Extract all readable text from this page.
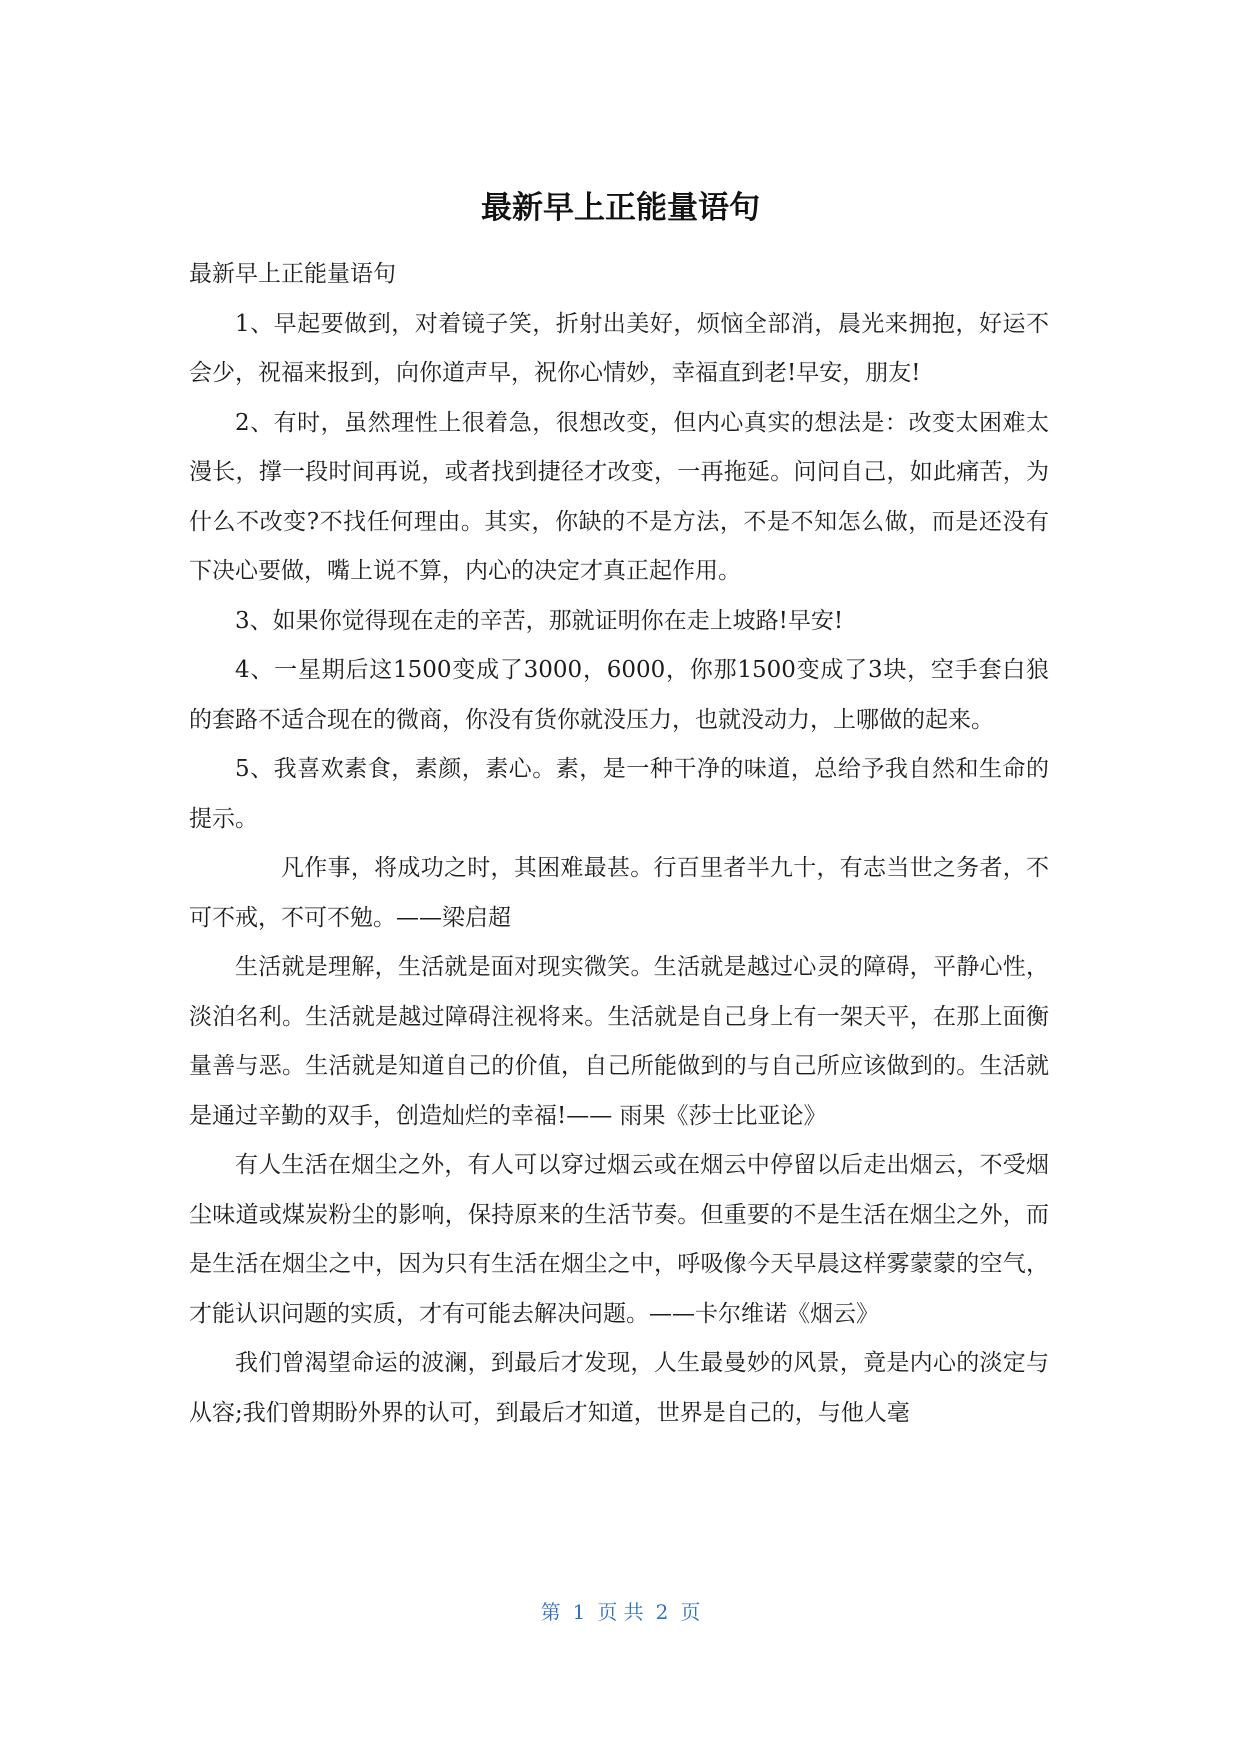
最新早上正能量语句

最新早上正能量语句

1、早起要做到，对着镜子笑，折射出美好，烦恼全部消，晨光来拥抱，好运不会少，祝福来报到，向你道声早，祝你心情妙，幸福直到老!早安，朋友!

2、有时，虽然理性上很着急，很想改变，但内心真实的想法是：改变太困难太漫长，撑一段时间再说，或者找到捷径才改变，一再拖延。问问自己，如此痛苦，为什么不改变?不找任何理由。其实，你缺的不是方法，不是不知怎么做，而是还没有下决心要做，嘴上说不算，内心的决定才真正起作用。

3、如果你觉得现在走的辛苦，那就证明你在走上坡路!早安!

4、一星期后这1500变成了3000，6000，你那1500变成了3块，空手套白狼的套路不适合现在的微商，你没有货你就没压力，也就没动力，上哪做的起来。

5、我喜欢素食，素颜，素心。素，是一种干净的味道，总给予我自然和生命的提示。

凡作事，将成功之时，其困难最甚。行百里者半九十，有志当世之务者，不可不戒，不可不勉。——梁启超

生活就是理解，生活就是面对现实微笑。生活就是越过心灵的障碍，平静心性，淡泊名利。生活就是越过障碍注视将来。生活就是自己身上有一架天平，在那上面衡量善与恶。生活就是知道自己的价值，自己所能做到的与自己所应该做到的。生活就是通过辛勤的双手，创造灿烂的幸福!—— 雨果《莎士比亚论》

有人生活在烟尘之外，有人可以穿过烟云或在烟云中停留以后走出烟云，不受烟尘味道或煤炭粉尘的影响，保持原来的生活节奏。但重要的不是生活在烟尘之外，而是生活在烟尘之中，因为只有生活在烟尘之中，呼吸像今天早晨这样雾蒙蒙的空气，才能认识问题的实质，才有可能去解决问题。——卡尔维诺《烟云》

我们曾渴望命运的波澜，到最后才发现，人生最曼妙的风景，竟是内心的淡定与从容;我们曾期盼外界的认可，到最后才知道，世界是自己的，与他人毫

第 1 页 共 2 页
